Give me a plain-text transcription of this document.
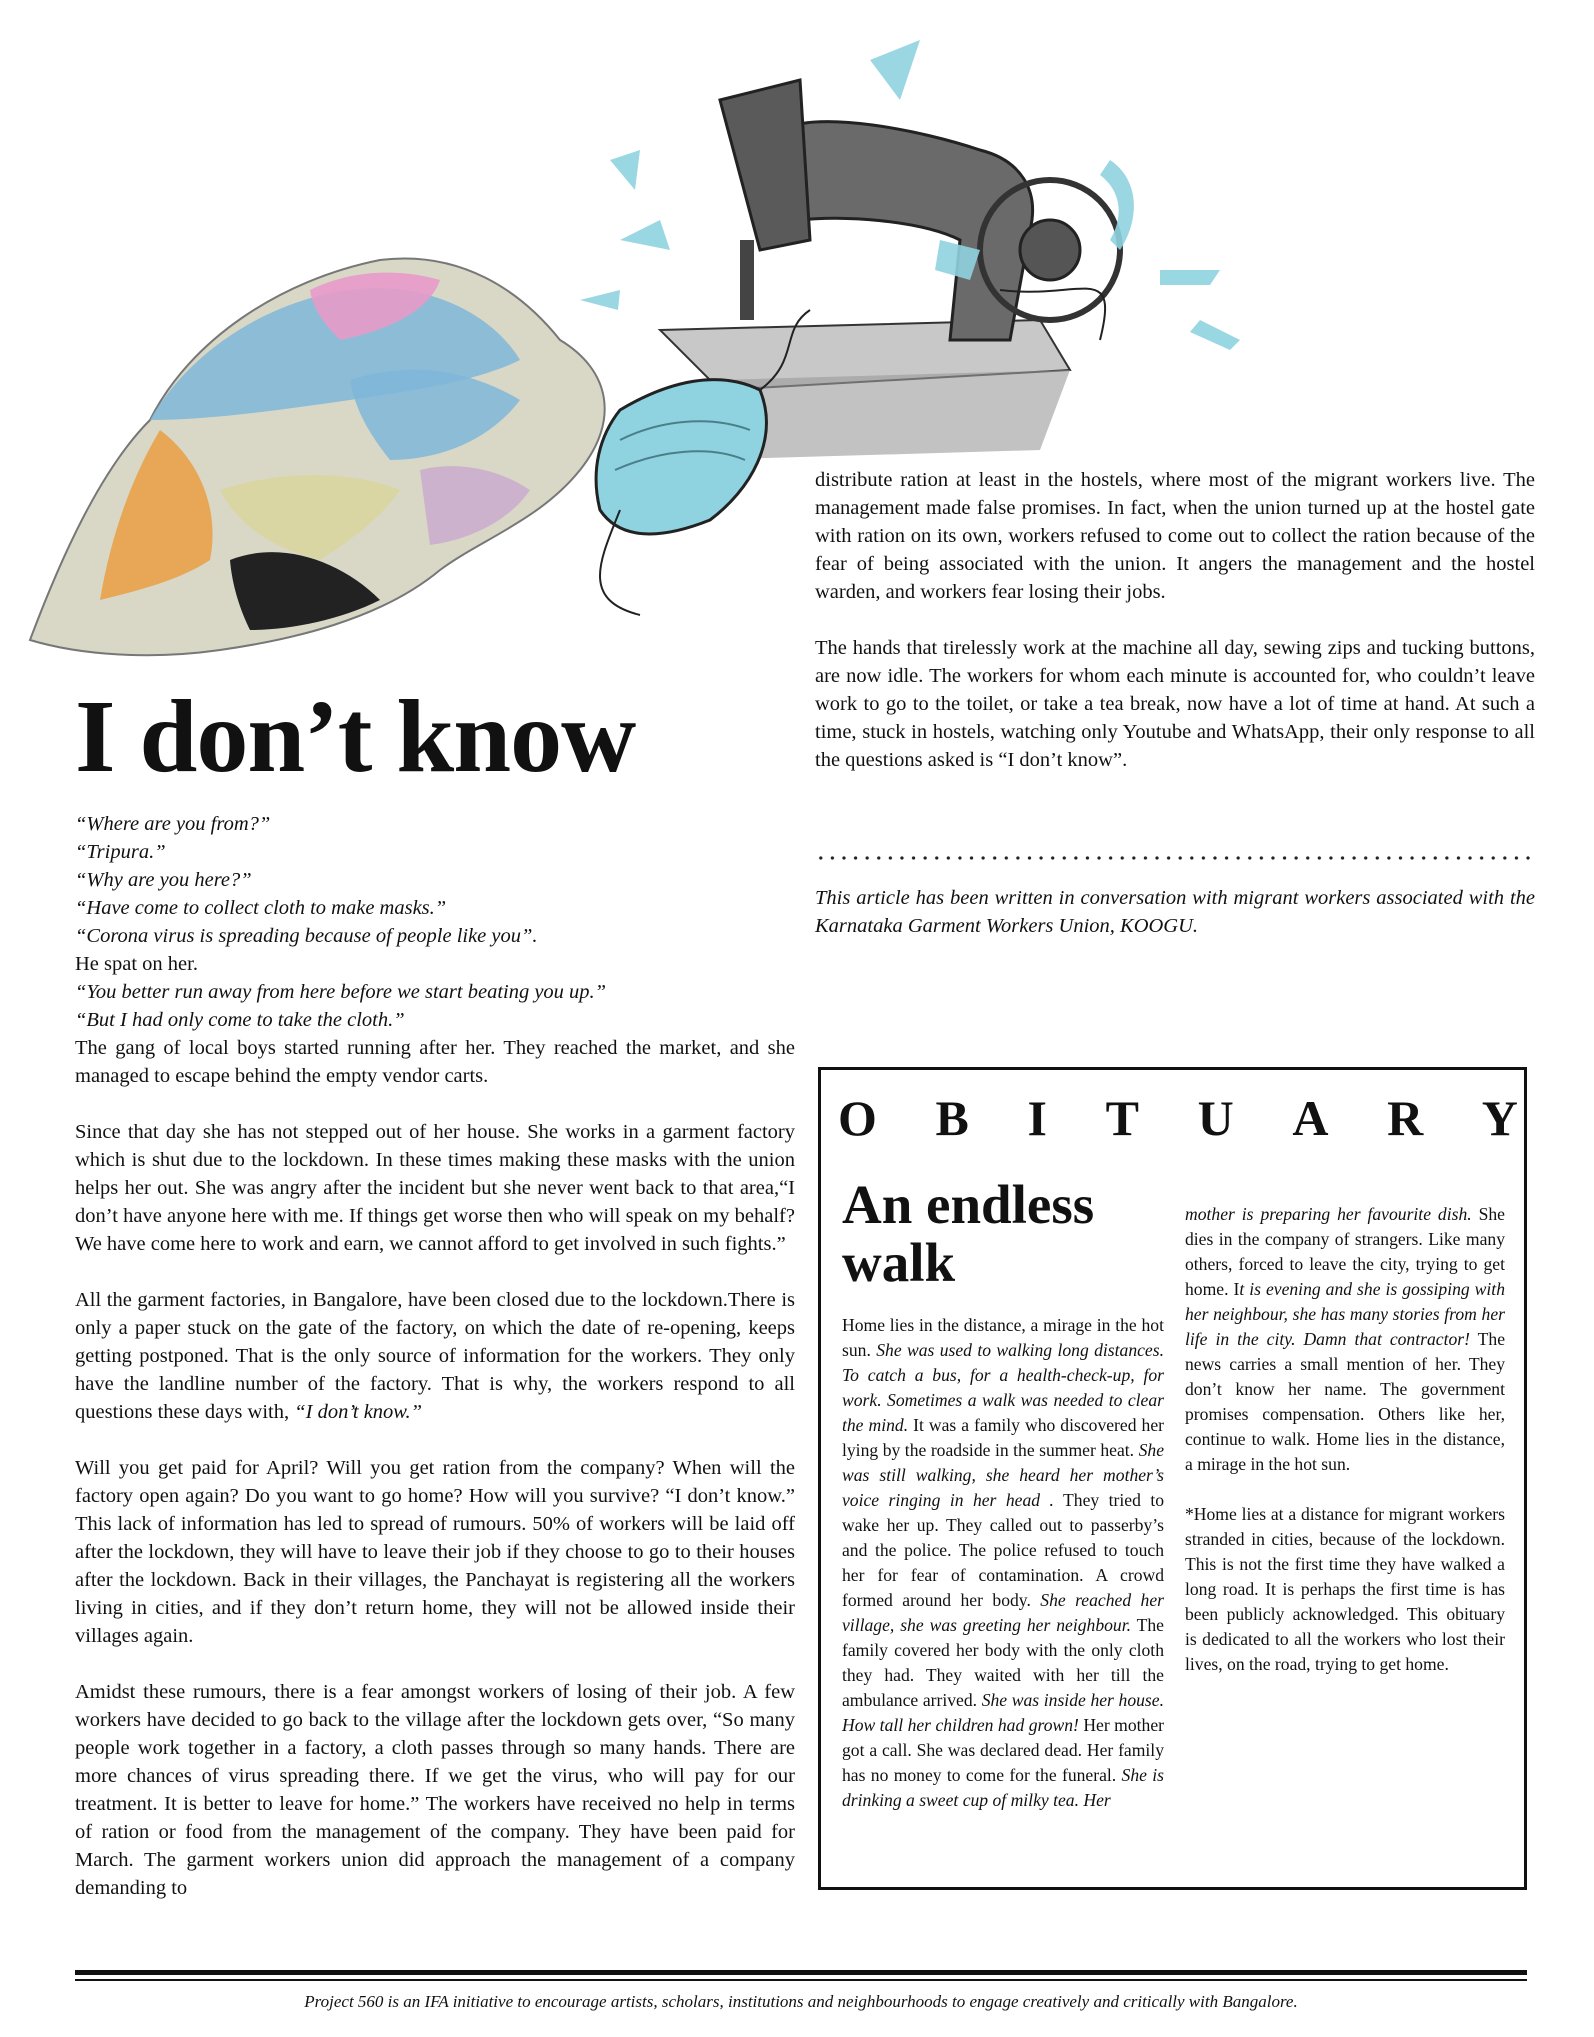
I don’t know
“Where are you from?”
“Tripura.”
“Why are you here?”
“Have come to collect cloth to make masks.”
“Corona virus is spreading because of people like you”.
He spat on her.
“You better run away from here before we start beating you up.”
“But I had only come to take the cloth.”

The gang of local boys started running after her. They reached the market, and she managed to escape behind the empty vendor carts.

Since that day she has not stepped out of her house. She works in a garment factory which is shut due to the lockdown. In these times making these masks with the union helps her out. She was angry after the incident but she never went back to that area,“I don’t have anyone here with me. If things get worse then who will speak on my behalf? We have come here to work and earn, we cannot afford to get involved in such fights.”

All the garment factories, in Bangalore, have been closed due to the lockdown.There is only a paper stuck on the gate of the factory, on which the date of re-opening, keeps getting postponed. That is the only source of information for the workers. They only have the landline number of the factory. That is why, the workers respond to all questions these days with, “I don’t know.”

Will you get paid for April? Will you get ration from the company? When will the factory open again? Do you want to go home? How will you survive? “I don’t know.” This lack of information has led to spread of rumours. 50% of workers will be laid off after the lockdown, they will have to leave their job if they choose to go to their houses after the lockdown. Back in their villages, the Panchayat is registering all the workers living in cities, and if they don’t return home, they will not be allowed inside their villages again.

Amidst these rumours, there is a fear amongst workers of losing of their job. A few workers have decided to go back to the village after the lockdown gets over, “So many people work together in a factory, a cloth passes through so many hands. There are more chances of virus spreading there. If we get the virus, who will pay for our treatment. It is better to leave for home.” The workers have received no help in terms of ration or food from the management of the company. They have been paid for March. The garment workers union did approach the management of a company demanding to

distribute ration at least in the hostels, where most of the migrant workers live. The management made false promises. In fact, when the union turned up at the hostel gate with ration on its own, workers refused to come out to collect the ration because of the fear of being associated with the union. It angers the management and the hostel warden, and workers fear losing their jobs.

The hands that tirelessly work at the machine all day, sewing zips and tucking buttons, are now idle. The workers for whom each minute is accounted for, who couldn’t leave work to go to the toilet, or take a tea break, now have a lot of time at hand. At such a time, stuck in hostels, watching only Youtube and WhatsApp, their only response to all the questions asked is “I don’t know”.

This article has been written in conversation with migrant workers associated with the Karnataka Garment Workers Union, KOOGU.
O B I T U A R Y
An endless walk
Home lies in the distance, a mirage in the hot sun. She was used to walking long distances. To catch a bus, for a health-check-up, for work. Sometimes a walk was needed to clear the mind. It was a family who discovered her lying by the roadside in the summer heat. She was still walking, she heard her mother’s voice ringing in her head . They tried to wake her up. They called out to passerby’s and the police. The police refused to touch her for fear of contamination. A crowd formed around her body. She reached her village, she was greeting her neighbour. The family covered her body with the only cloth they had. They waited with her till the ambulance arrived. She was inside her house. How tall her children had grown! Her mother got a call. She was declared dead. Her family has no money to come for the funeral. She is drinking a sweet cup of milky tea. Her

mother is preparing her favourite dish. She dies in the company of strangers. Like many others, forced to leave the city, trying to get home. It is evening and she is gossiping with her neighbour, she has many stories from her life in the city. Damn that contractor! The news carries a small mention of her. They don’t know her name. The government promises compensation. Others like her, continue to walk. Home lies in the distance, a mirage in the hot sun.

*Home lies at a distance for migrant workers stranded in cities, because of the lockdown. This is not the first time they have walked a long road. It is perhaps the first time is has been publicly acknowledged. This obituary is dedicated to all the workers who lost their lives, on the road, trying to get home.

Project 560 is an IFA initiative to encourage artists, scholars, institutions and neighbourhoods to engage creatively and critically with Bangalore.
